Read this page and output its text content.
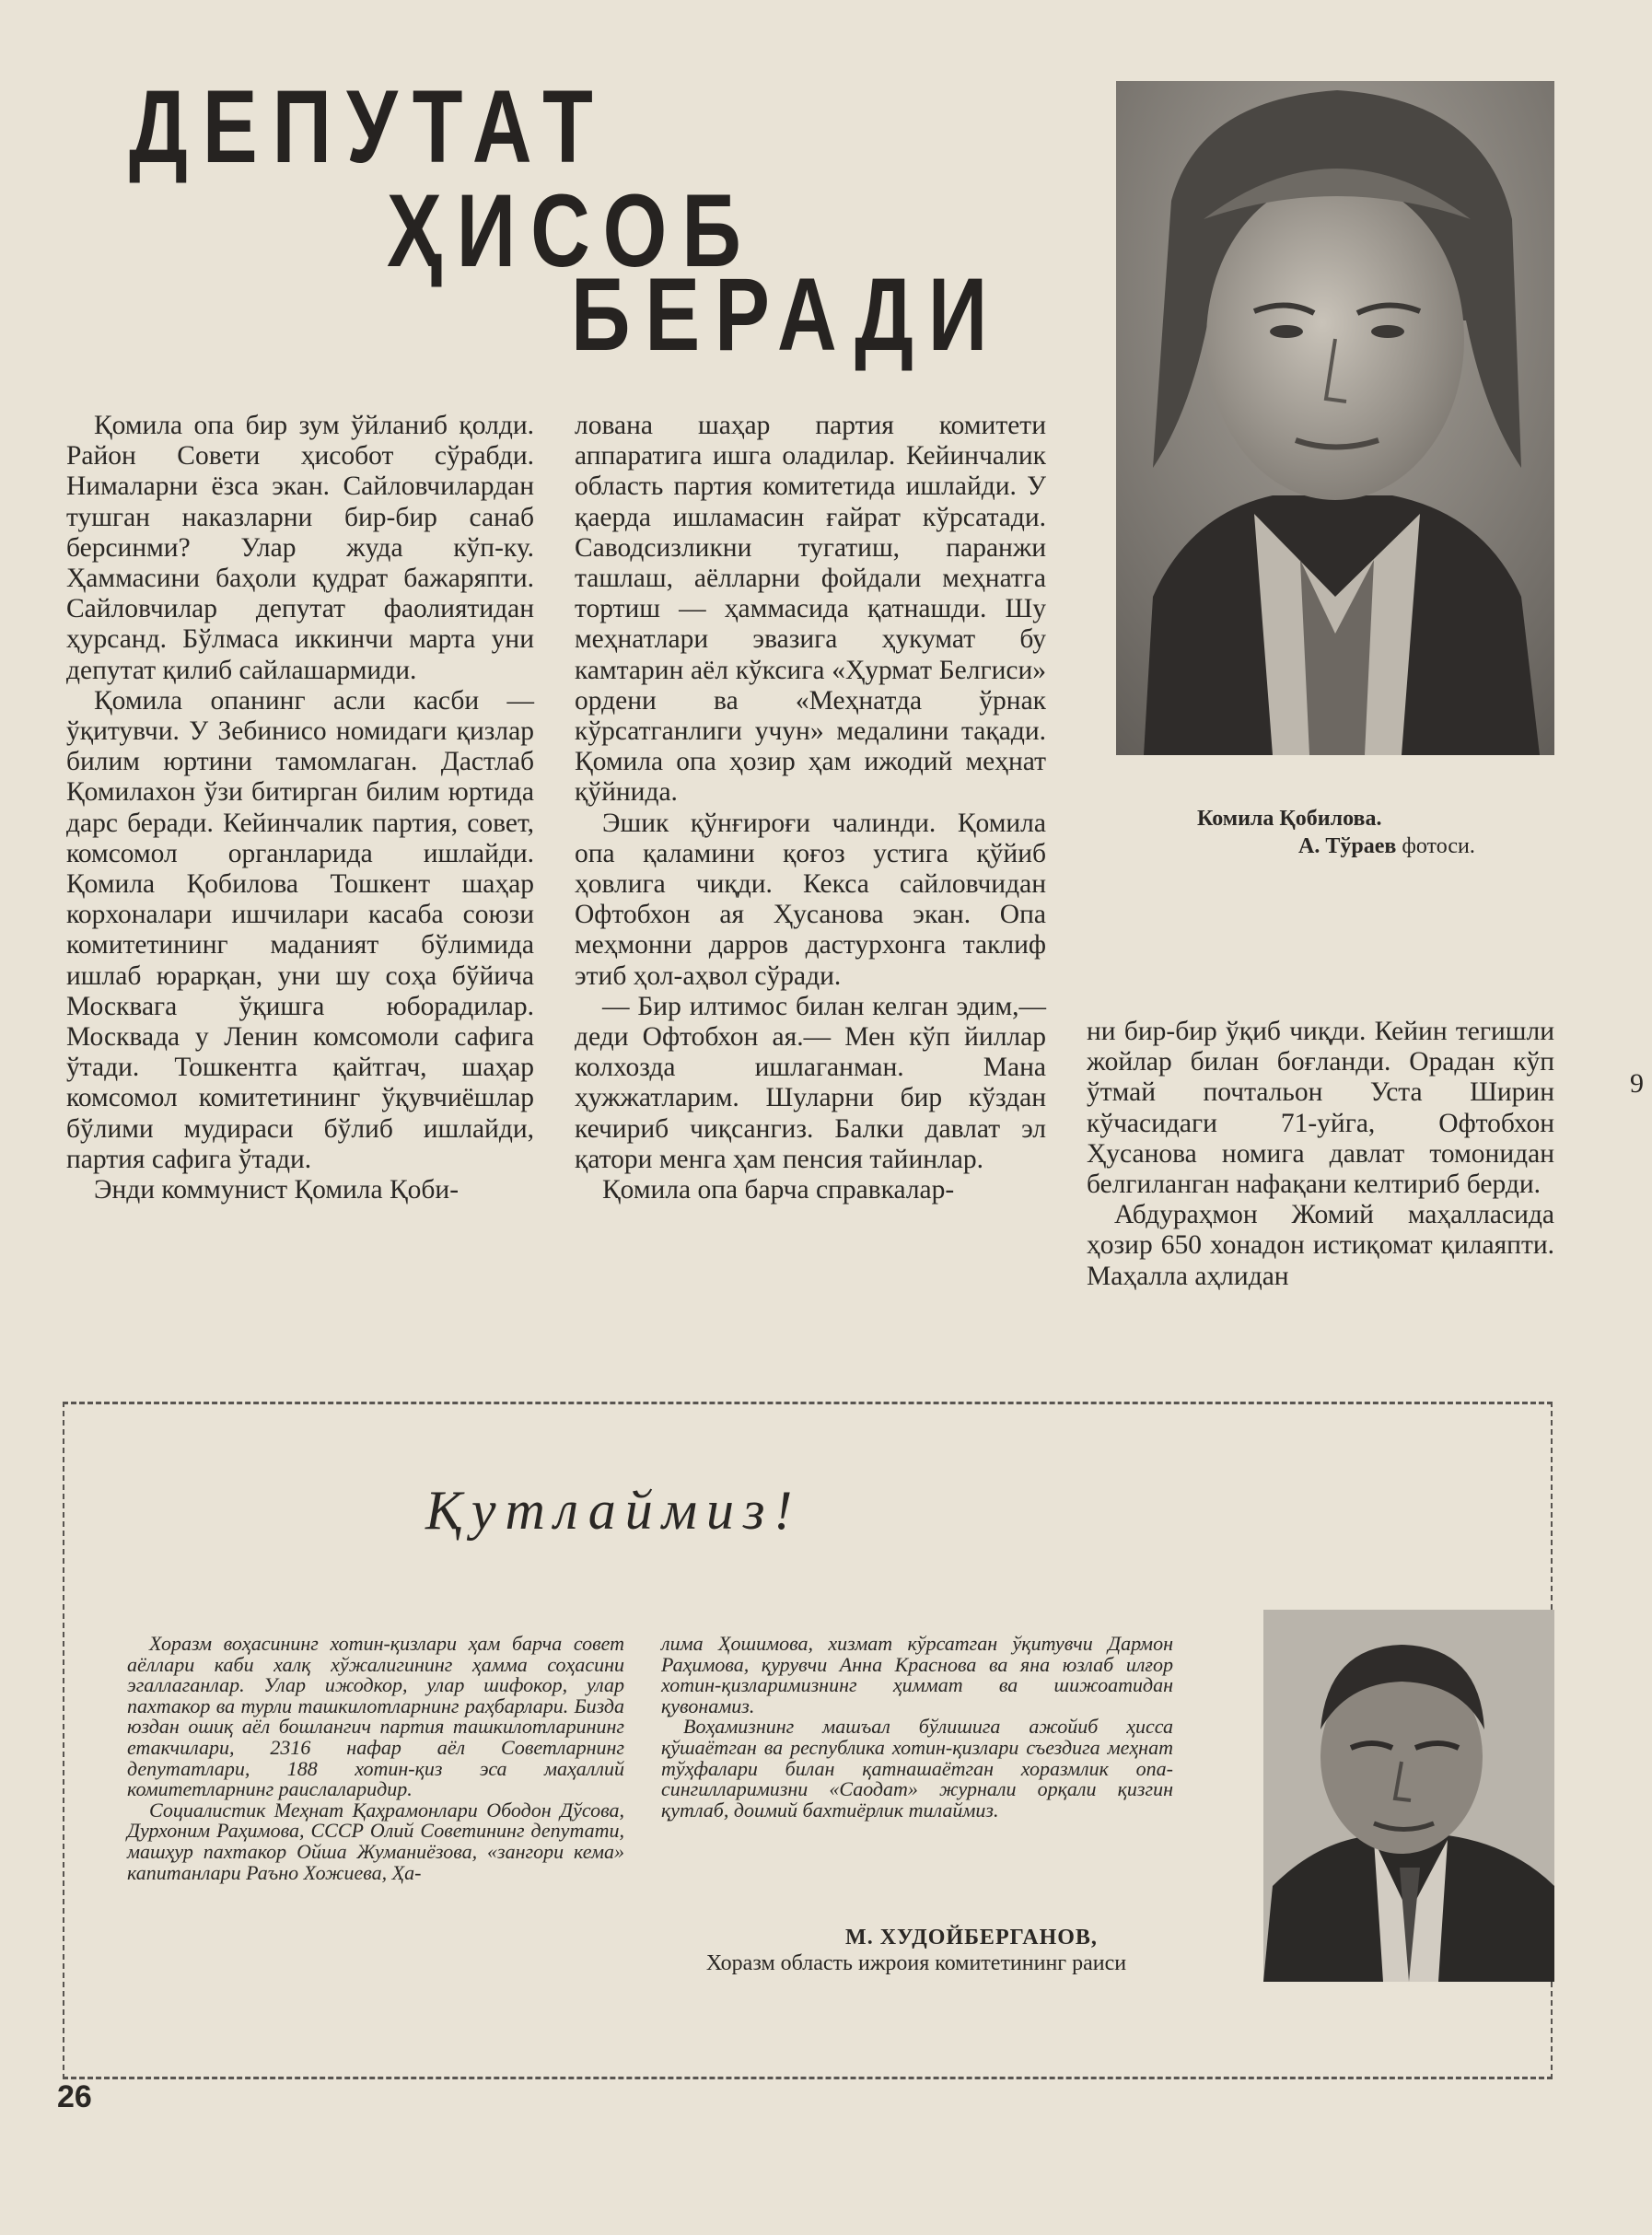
ДЕПУТАТ
ҲИСОБ
БЕРАДИ
Комила Қобилова.
А. Тўраев фотоси.

Қомила опа бир зум ўйланиб қолди. Район Совети ҳисобот сўрабди. Нималарни ёзса экан. Сайловчилардан тушган наказларни бир-бир санаб берсинми? Улар жуда кўп-ку. Ҳаммасини баҳоли қудрат бажаряпти. Сайловчилар депутат фаолиятидан ҳурсанд. Бўлмаса иккинчи марта уни депутат қилиб сайлашармиди.

Қомила опанинг асли касби — ўқитувчи. У Зебинисо номидаги қизлар билим юртини тамомлаган. Дастлаб Қомилахон ўзи битирган билим юртида дарс беради. Кейинчалик партия, совет, комсомол органларида ишлайди. Қомила Қобилова Тошкент шаҳар корхоналари ишчилари касаба союзи комитетининг маданият бўлимида ишлаб юрарқан, уни шу соҳа бўйича Москвага ўқишга юборадилар. Москвада у Ленин комсомоли сафига ўтади. Тошкентга қайтгач, шаҳар комсомол комитетининг ўқувчиёшлар бўлими мудираси бўлиб ишлайди, партия сафига ўтади.

Энди коммунист Қомила Қоби-

лована шаҳар партия комитети аппаратига ишга оладилар. Кейинчалик область партия комитетида ишлайди. У қаерда ишламасин ғайрат кўрсатади. Саводсизликни тугатиш, паранжи ташлаш, аёлларни фойдали меҳнатга тортиш — ҳаммасида қатнашди. Шу меҳнатлари эвазига ҳукумат бу камтарин аёл кўксига «Ҳурмат Белгиси» ордени ва «Меҳнатда ўрнак кўрсатганлиги учун» медалини тақади. Қомила опа ҳозир ҳам ижодий меҳнат қўйнида.

Эшик қўнғироғи чалинди. Қомила опа қаламини қоғоз устига қўйиб ҳовлига чиқди. Кекса сайловчидан Офтобхон ая Ҳусанова экан. Опа меҳмонни дарров дастурхонга таклиф этиб ҳол-аҳвол сўради.

— Бир илтимос билан келган эдим,— деди Офтобхон ая.— Мен кўп йиллар колхозда ишлаганман. Мана ҳужжатларим. Шуларни бир кўздан кечириб чиқсангиз. Балки давлат эл қатори менга ҳам пенсия тайинлар.

Қомила опа барча справкалар-

ни бир-бир ўқиб чиқди. Кейин тегишли жойлар билан боғланди. Орадан кўп ўтмай почтальон Уста Ширин кўчасидаги 71-уйга, Офтобхон Ҳусанова номига давлат томонидан белгиланган нафақани келтириб берди.

Абдураҳмон Жомий маҳалласида ҳозир 650 хонадон истиқомат қилаяпти. Маҳалла аҳлидан

9
Қутлаймиз!

Хоразм воҳасининг хотин-қизлари ҳам барча совет аёллари каби халқ хўжалигининг ҳамма соҳасини эгаллаганлар. Улар ижодкор, улар шифокор, улар пахтакор ва турли ташкилотларнинг раҳбарлари. Бизда юздан ошиқ аёл бошлангич партия ташкилотларининг етакчилари, 2316 нафар аёл Советларнинг депутатлари, 188 хотин-қиз эса маҳаллий комитетларнинг раислаларидир.

Социалистик Меҳнат Қаҳрамонлари Ободон Дўсова, Дурхоним Раҳимова, СССР Олий Советининг депутати, машҳур пахтакор Ойша Жуманиёзова, «зангори кема» капитанлари Раъно Хожиева, Ҳа-

лима Ҳошимова, хизмат кўрсатган ўқитувчи Дармон Раҳимова, қурувчи Анна Краснова ва яна юзлаб илғор хотин-қизларимизнинг ҳиммат ва шижоатидан қувонамиз.

Воҳамизнинг машъал бўлишига ажойиб ҳисса қўшаётган ва республика хотин-қизлари съездига меҳнат тўҳфалари билан қатнашаётган хоразмлик опа-сингилларимизни «Саодат» журнали орқали қизгин қутлаб, доимий бахтиёрлик тилаймиз.

М. ХУДОЙБЕРГАНОВ,
Хоразм область ижроия комитетининг раиси
26
